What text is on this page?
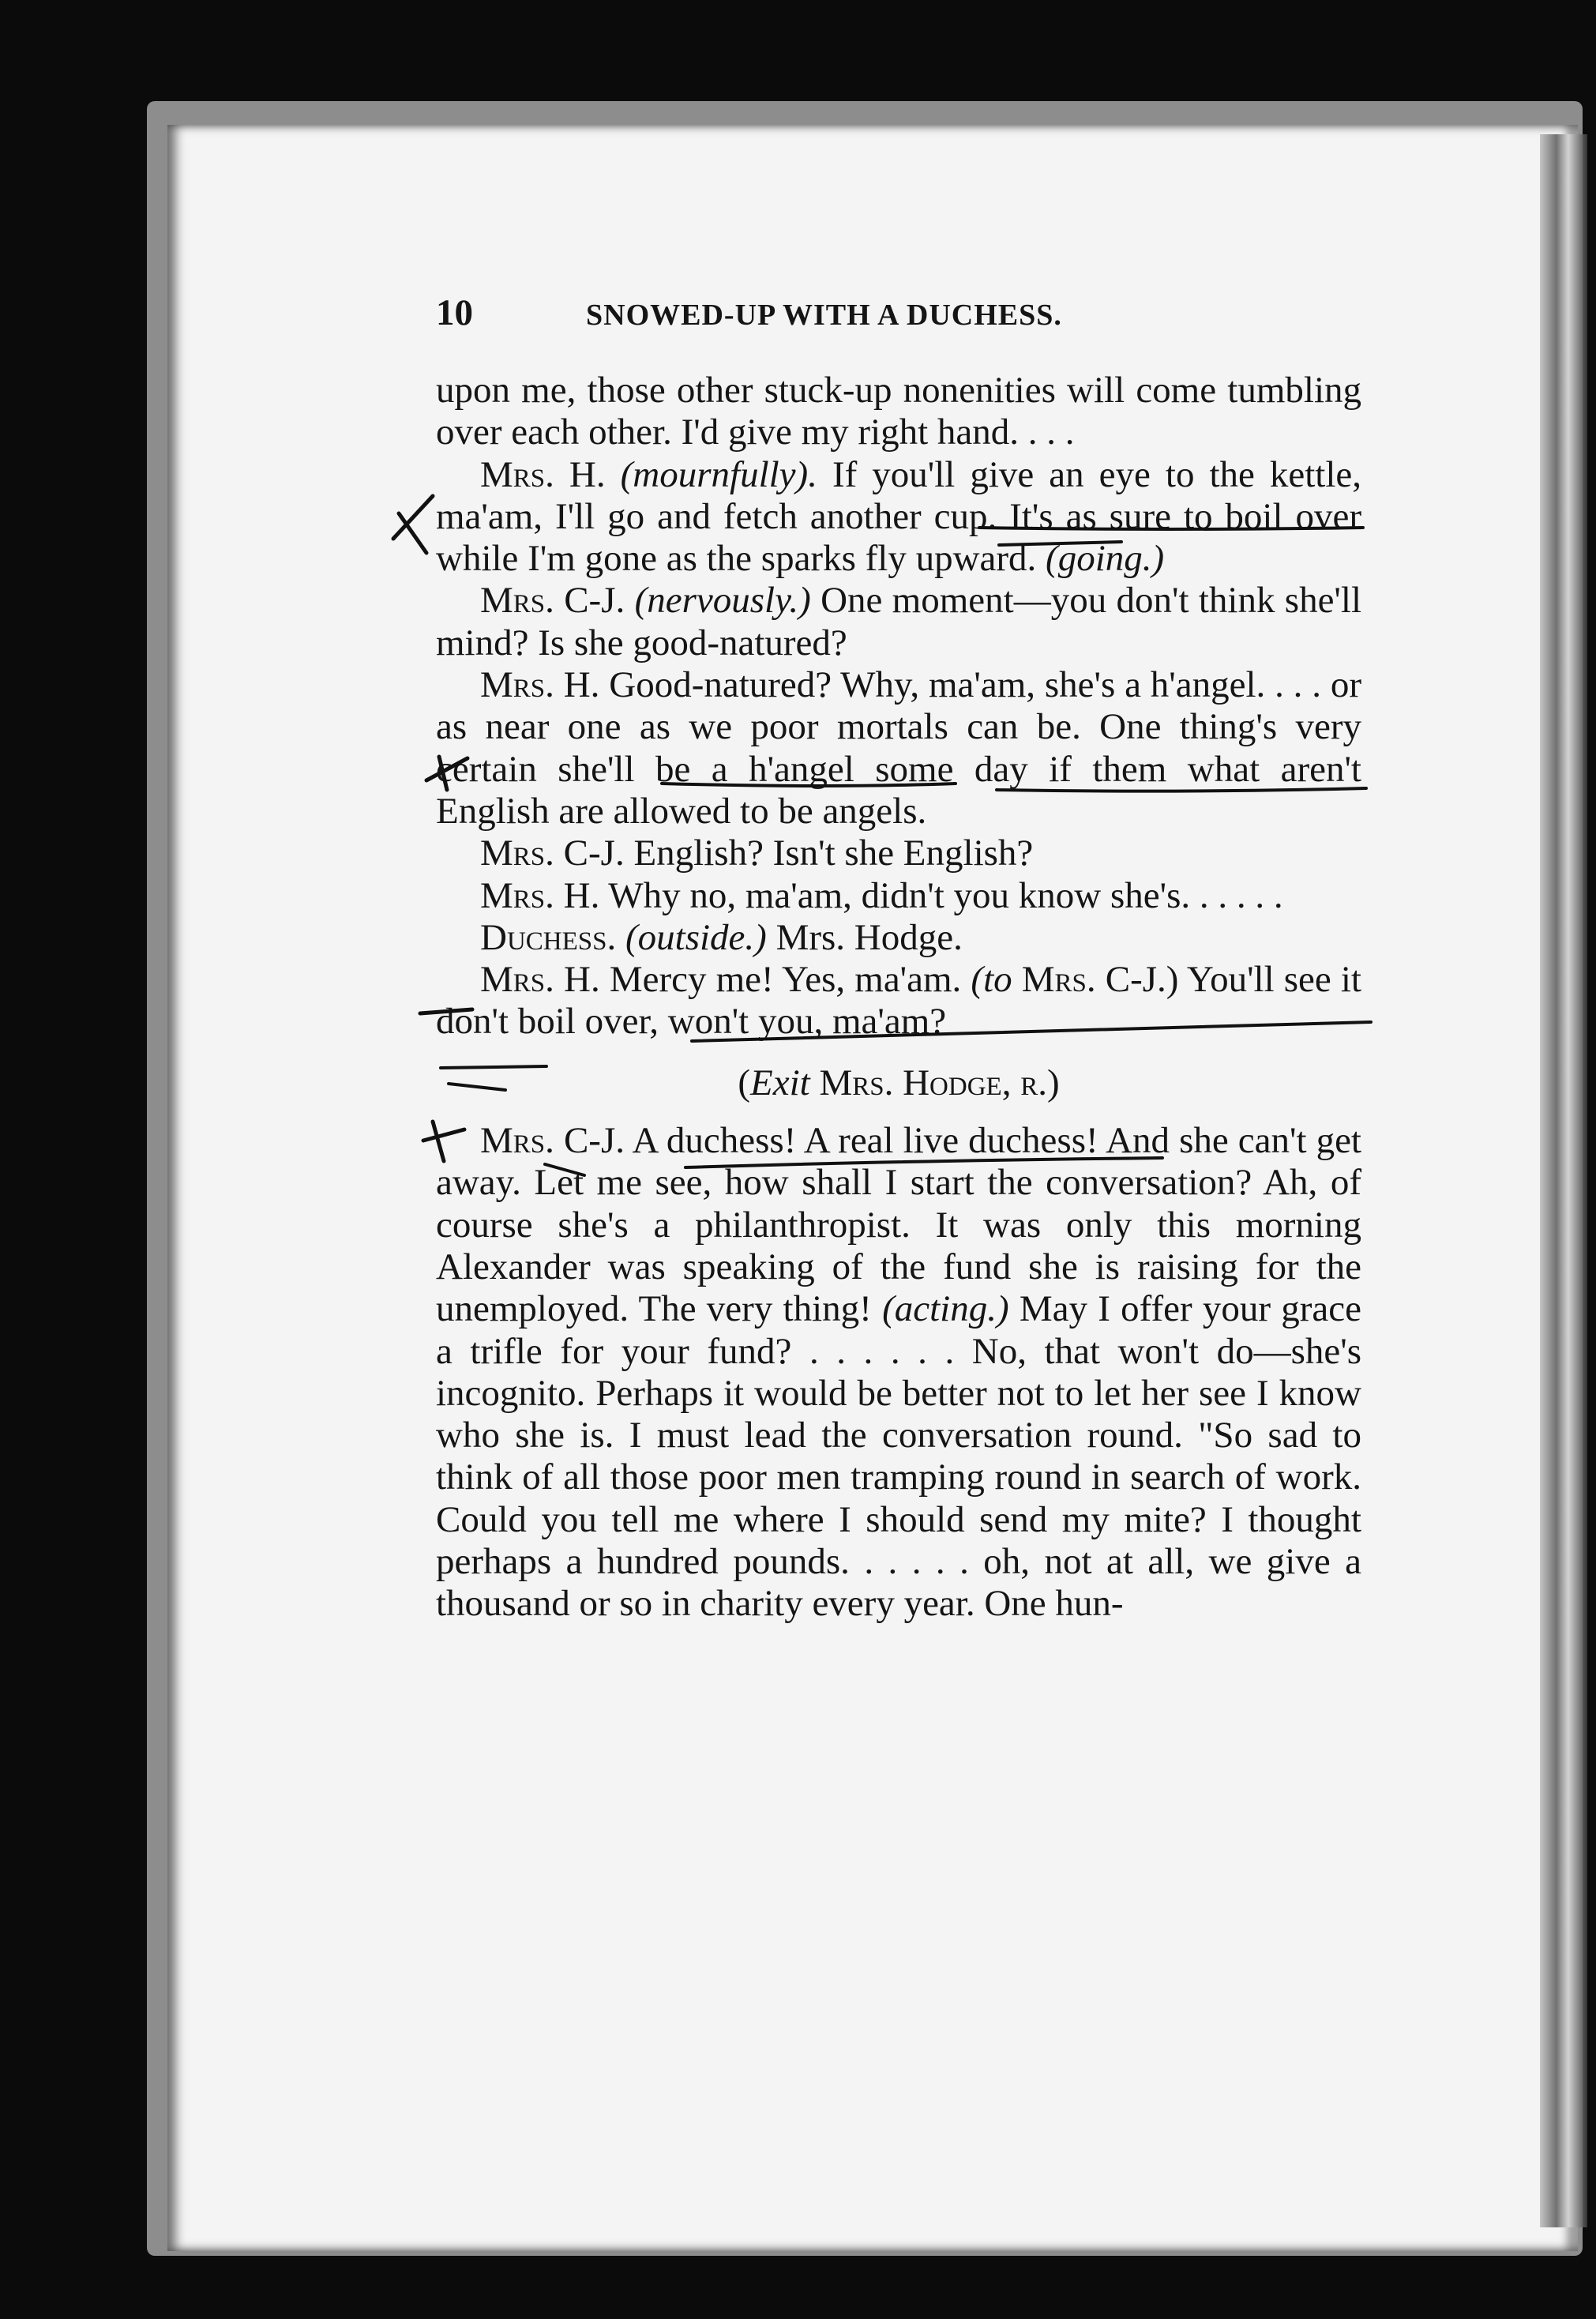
10	SNOWED-UP WITH A DUCHESS.

upon me, those other stuck-up nonenities will come tumbling over each other. I'd give my right hand. . . .

Mrs. H. (mournfully). If you'll give an eye to the kettle, ma'am, I'll go and fetch another cup. It's as sure to boil over while I'm gone as the sparks fly upward. (going.)

Mrs. C-J. (nervously.) One moment—you don't think she'll mind? Is she good-natured?

Mrs. H. Good-natured? Why, ma'am, she's a h'angel. . . . or as near one as we poor mortals can be. One thing's very certain she'll be a h'angel some day if them what aren't English are allowed to be angels.

Mrs. C-J. English? Isn't she English?

Mrs. H. Why no, ma'am, didn't you know she's. . . . . .

Duchess. (outside.) Mrs. Hodge.

Mrs. H. Mercy me! Yes, ma'am. (to Mrs. C-J.) You'll see it don't boil over, won't you, ma'am?

(Exit Mrs. Hodge, r.)

Mrs. C-J. A duchess! A real live duchess! And she can't get away. Let me see, how shall I start the conversation? Ah, of course she's a philanthropist. It was only this morning Alexander was speaking of the fund she is raising for the unemployed. The very thing! (acting.) May I offer your grace a trifle for your fund? . . . . . . No, that won't do—she's incognito. Perhaps it would be better not to let her see I know who she is. I must lead the conversation round. "So sad to think of all those poor men tramping round in search of work. Could you tell me where I should send my mite? I thought perhaps a hundred pounds. . . . . . oh, not at all, we give a thousand or so in charity every year. One hun-
